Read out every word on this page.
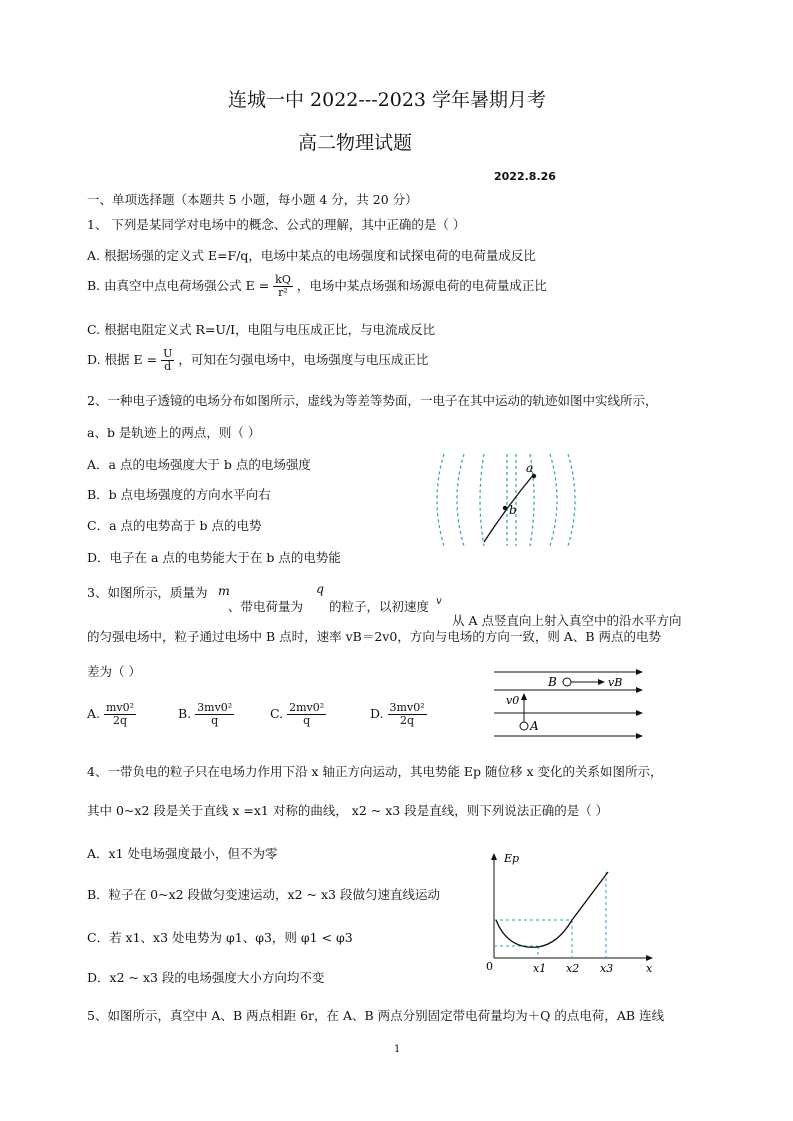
连城一中 2022---2023 学年暑期月考
高二物理试题
2022.8.26
一、单项选择题（本题共 5 小题，每小题 4 分，共 20 分）
1、 下列是某同学对电场中的概念、公式的理解，其中正确的是（ ）
A. 根据场强的定义式 E=F/q，电场中某点的电场强度和试探电荷的电荷量成反比
B. 由真空中点电荷场强公式 $E = \frac{kQ}{\text{r²}}$ ，电场中某点场强和场源电荷的电荷量成正比
C. 根据电阻定义式 R=U/I，电阻与电压成正比，与电流成反比
D. 根据 $E = \frac{U}{d}$ ，可知在匀强电场中，电场强度与电压成正比
2、一种电子透镜的电场分布如图所示，虚线为等差等势面，一电子在其中运动的轨迹如图中实线所示，
a、b 是轨迹上的两点，则（ ）
A．a 点的电场强度大于 b 点的电场强度
B．b 点电场强度的方向水平向右
C．a 点的电势高于 b 点的电势
D．电子在 a 点的电势能大于在 b 点的电势能
a
b
3、如图所示，质量为 m	q
、带电荷量为 的粒子，以初速度 v
从 A 点竖直向上射入真空中的沿水平方向
的匀强电场中，粒子通过电场中 B 点时，速率 vB＝2v0，方向与电场的方向一致，则 A、B 两点的电势
差为（ ）
A. $\frac{\text{mv0²}}{2q}$	B. $\frac{\text{3mv0²}}{q}$	C. $\frac{\text{2mv0²}}{q}$	D. $\frac{\text{3mv0²}}{2q}$
B	vB
v0
A
4、一带负电的粒子只在电场力作用下沿 x 轴正方向运动，其电势能 Ep 随位移 x 变化的关系如图所示，
其中 0~x2 段是关于直线 x =x1 对称的曲线， x2 ~ x3 段是直线，则下列说法正确的是（ ）
A．x1 处电场强度最小，但不为零
B．粒子在 0~x2 段做匀变速运动，x2 ~ x3 段做匀速直线运动
C．若 x1、x3 处电势为 φ1、φ3，则 φ1 < φ3
D．x2 ~ x3 段的电场强度大小方向均不变
Ep
0	x1 x2 x3	x
5、如图所示，真空中 A、B 两点相距 6r，在 A、B 两点分别固定带电荷量均为＋Q 的点电荷，AB 连线
1
